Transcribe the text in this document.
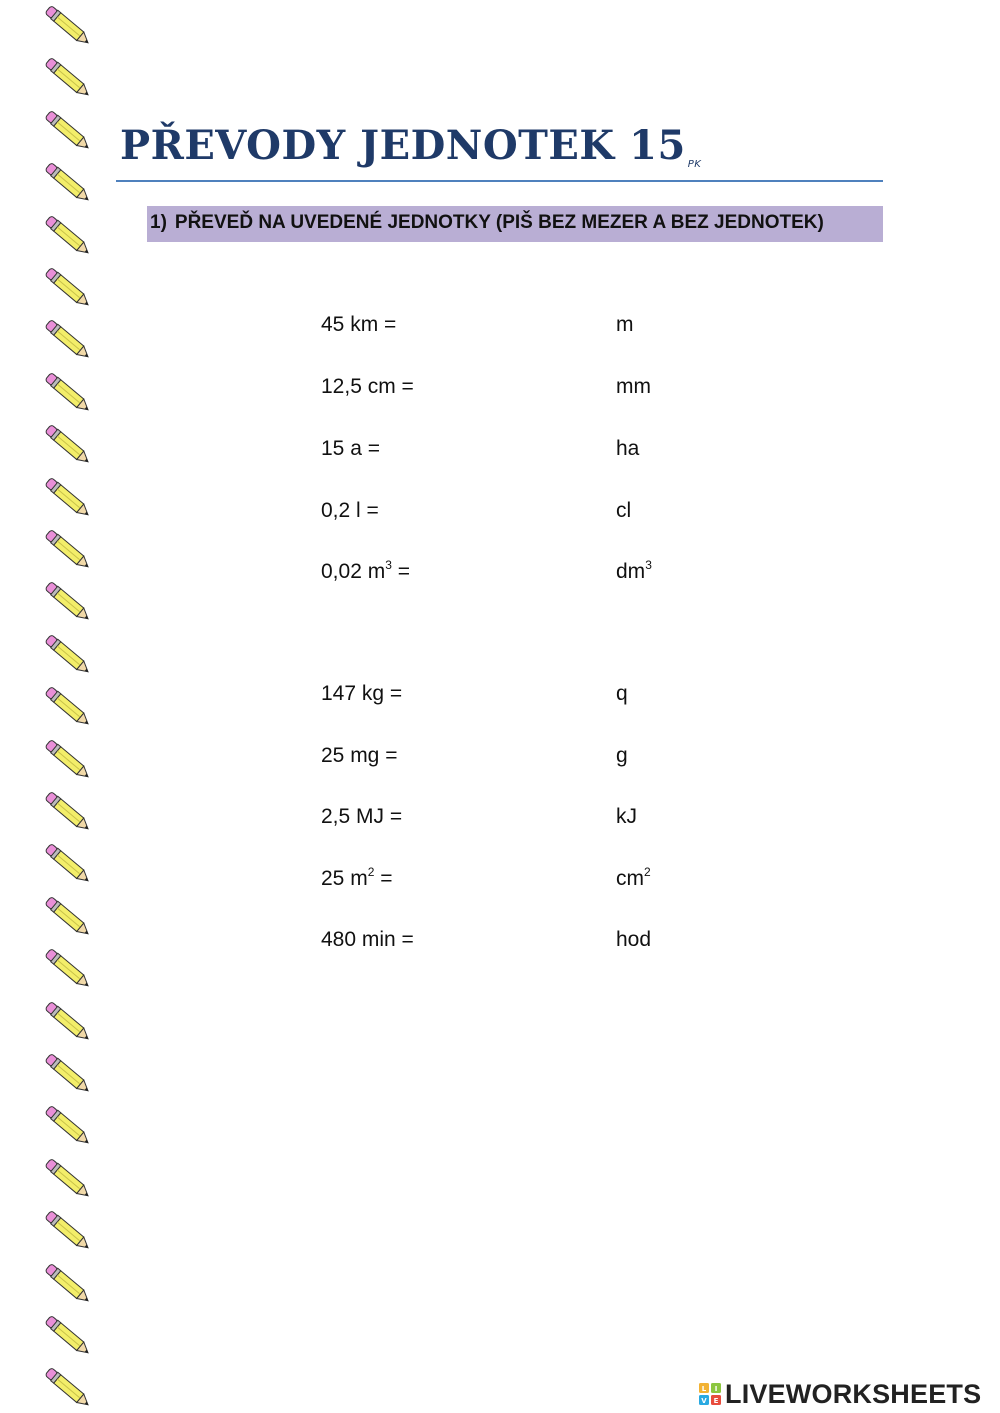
PŘEVODY JEDNOTEK 15 $_{PK}$
1) PŘEVEĎ NA UVEDENÉ JEDNOTKY (PIŠ BEZ MEZER A BEZ JEDNOTEK)
45 km =	m
12,5 cm =	mm
15 a =	ha
0,2 l =	cl
0,02 $m^3$ =	$dm^3$
147 kg =	q
25 mg =	g
2,5 MJ =	kJ
25 $m^2$ =	$cm^2$
480 min =	hod
L I
V E LIVEWORKSHEETS
